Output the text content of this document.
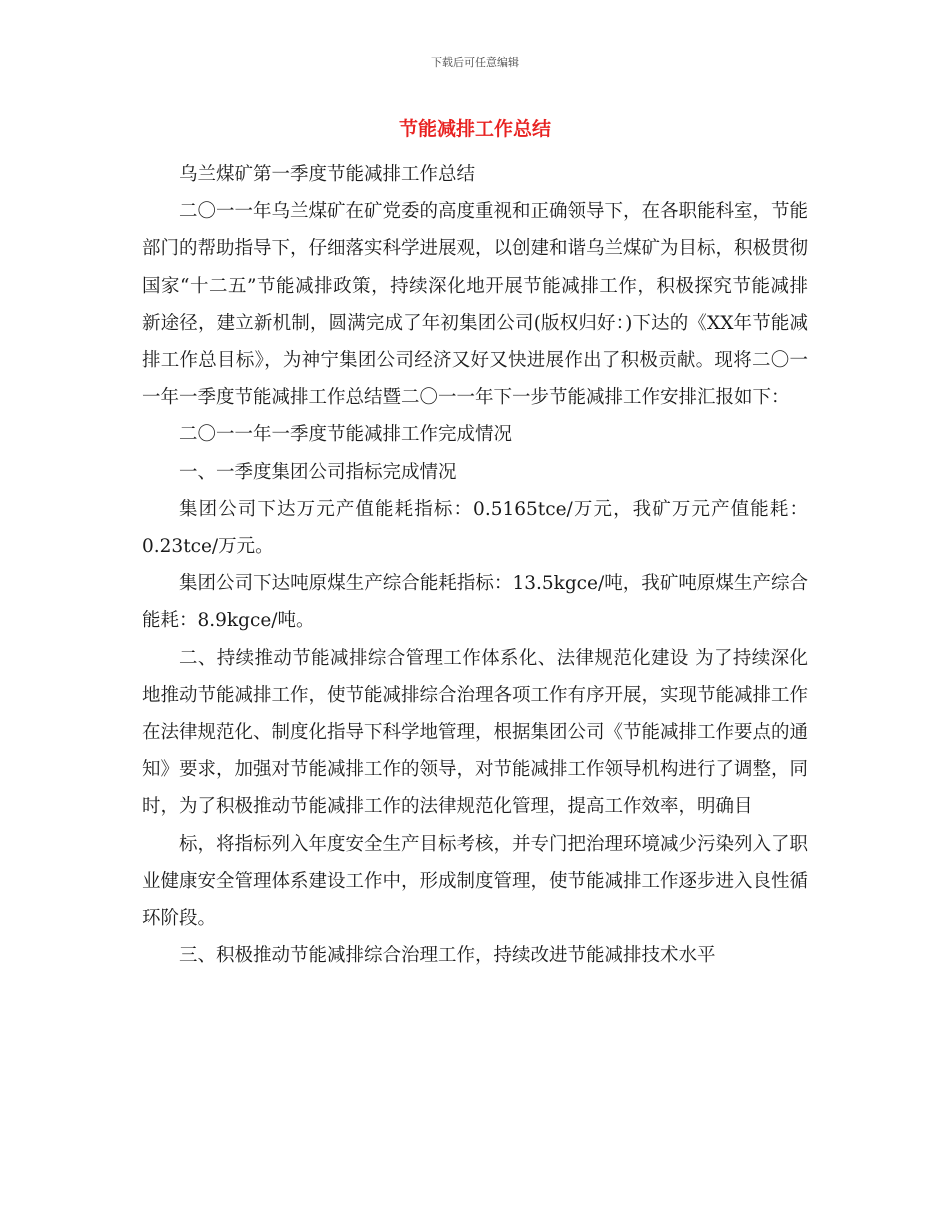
下载后可任意编辑
节能减排工作总结

乌兰煤矿第一季度节能减排工作总结

二〇一一年乌兰煤矿在矿党委的高度重视和正确领导下，在各职能科室，节能部门的帮助指导下，仔细落实科学进展观，以创建和谐乌兰煤矿为目标，积极贯彻国家“十二五”节能减排政策，持续深化地开展节能减排工作，积极探究节能减排新途径，建立新机制，圆满完成了年初集团公司(版权归好：)下达的《XX年节能减排工作总目标》，为神宁集团公司经济又好又快进展作出了积极贡献。现将二〇一一年一季度节能减排工作总结暨二〇一一年下一步节能减排工作安排汇报如下：

二〇一一年一季度节能减排工作完成情况

一、一季度集团公司指标完成情况

集团公司下达万元产值能耗指标：0.5165tce/万元，我矿万元产值能耗：0.23tce/万元。

集团公司下达吨原煤生产综合能耗指标：13.5kgce/吨，我矿吨原煤生产综合能耗：8.9kgce/吨。

二、持续推动节能减排综合管理工作体系化、法律规范化建设 为了持续深化地推动节能减排工作，使节能减排综合治理各项工作有序开展，实现节能减排工作在法律规范化、制度化指导下科学地管理，根据集团公司《节能减排工作要点的通知》要求，加强对节能减排工作的领导，对节能减排工作领导机构进行了调整，同时，为了积极推动节能减排工作的法律规范化管理，提高工作效率，明确目

标，将指标列入年度安全生产目标考核，并专门把治理环境减少污染列入了职业健康安全管理体系建设工作中，形成制度管理，使节能减排工作逐步进入良性循环阶段。

三、积极推动节能减排综合治理工作，持续改进节能减排技术水平
